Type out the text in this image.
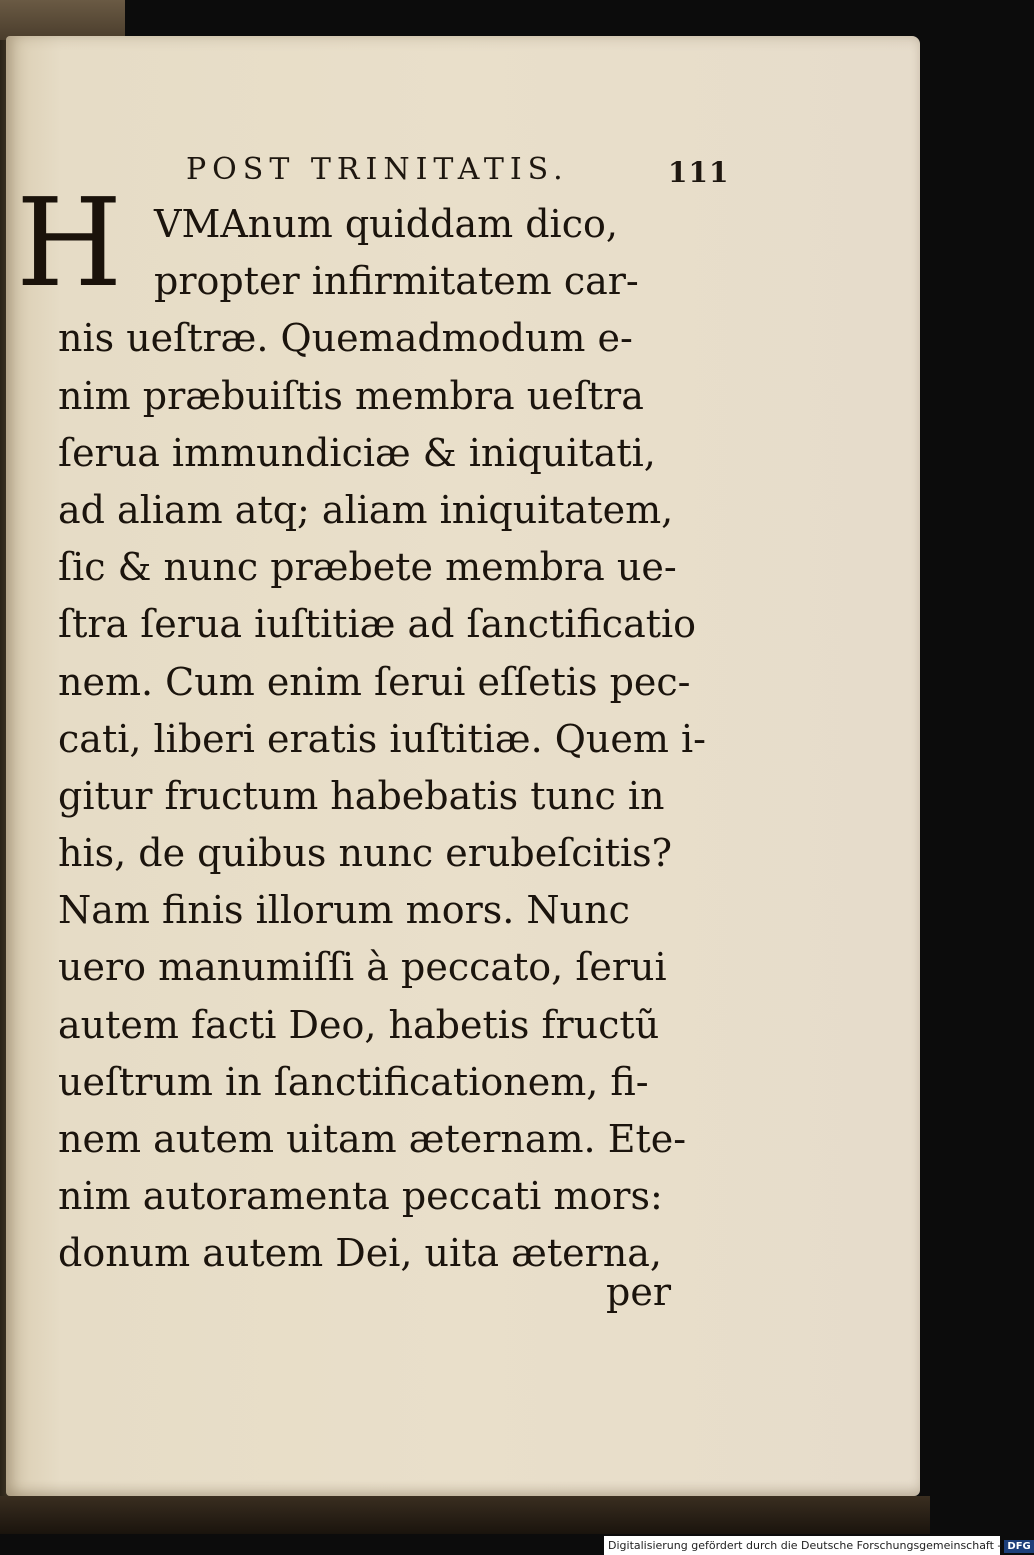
POST TRINITATIS.	111
H VMAnum quiddam dico,
propter infirmitatem car-
nis ueſtræ. Quemadmodum e-
nim præbuiſtis membra ueſtra
ſerua immundiciæ & iniquitati,
ad aliam atq; aliam iniquitatem,
ſic & nunc præbete membra ue-
ſtra ſerua iuſtitiæ ad ſanctificatio
nem. Cum enim ſerui eſſetis pec-
cati, liberi eratis iuſtitiæ. Quem i-
gitur fructum habebatis tunc in
his, de quibus nunc erubeſcitis?
Nam finis illorum mors. Nunc
uero manumiſſi à peccato, ſerui
autem facti Deo, habetis fructũ
ueſtrum in ſanctificationem, fi-
nem autem uitam æternam. Ete-
nim autoramenta peccati mors:
donum autem Dei, uita æterna,
per
Digitalisierung gefördert durch die Deutsche Forschungsgemeinschaft - DFG
